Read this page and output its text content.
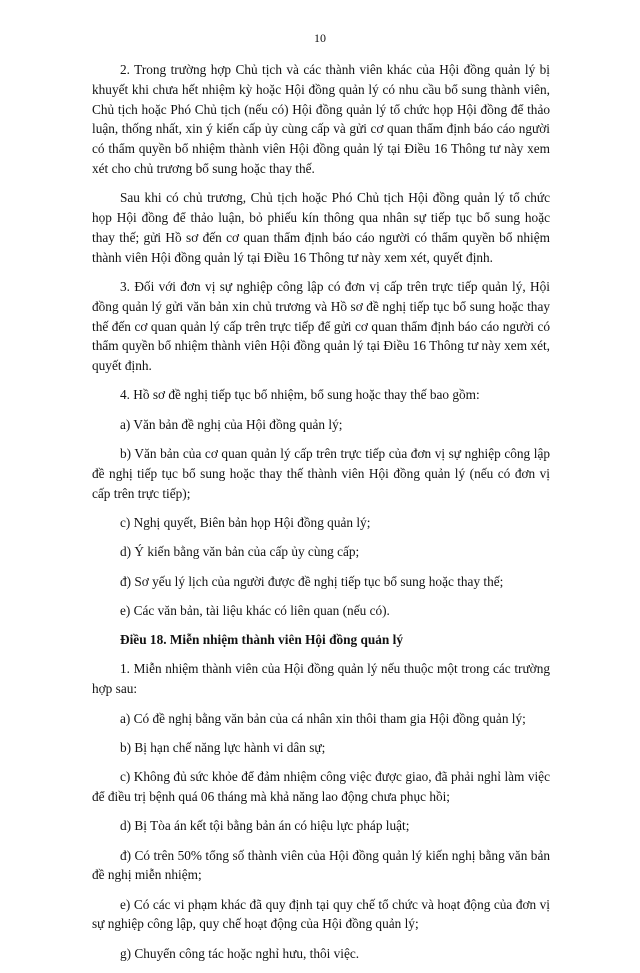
10

2. Trong trường hợp Chủ tịch và các thành viên khác của Hội đồng quản lý bị khuyết khi chưa hết nhiệm kỳ hoặc Hội đồng quản lý có nhu cầu bổ sung thành viên, Chủ tịch hoặc Phó Chủ tịch (nếu có) Hội đồng quản lý tổ chức họp Hội đồng để thảo luận, thống nhất, xin ý kiến cấp ủy cùng cấp và gửi cơ quan thẩm định báo cáo người có thẩm quyền bổ nhiệm thành viên Hội đồng quản lý tại Điều 16 Thông tư này xem xét cho chủ trương bổ sung hoặc thay thế.

Sau khi có chủ trương, Chủ tịch hoặc Phó Chủ tịch Hội đồng quản lý tổ chức họp Hội đồng để thảo luận, bỏ phiếu kín thông qua nhân sự tiếp tục bổ sung hoặc thay thế; gửi Hồ sơ đến cơ quan thẩm định báo cáo người có thẩm quyền bổ nhiệm thành viên Hội đồng quản lý tại Điều 16 Thông tư này xem xét, quyết định.

3. Đối với đơn vị sự nghiệp công lập có đơn vị cấp trên trực tiếp quản lý, Hội đồng quản lý gửi văn bản xin chủ trương và Hồ sơ đề nghị tiếp tục bổ sung hoặc thay thế đến cơ quan quản lý cấp trên trực tiếp để gửi cơ quan thẩm định báo cáo người có thẩm quyền bổ nhiệm thành viên Hội đồng quản lý tại Điều 16 Thông tư này xem xét, quyết định.

4. Hồ sơ đề nghị tiếp tục bổ nhiệm, bổ sung hoặc thay thế bao gồm:

a) Văn bản đề nghị của Hội đồng quản lý;

b) Văn bản của cơ quan quản lý cấp trên trực tiếp của đơn vị sự nghiệp công lập đề nghị tiếp tục bổ sung hoặc thay thế thành viên Hội đồng quản lý (nếu có đơn vị cấp trên trực tiếp);

c) Nghị quyết, Biên bản họp Hội đồng quản lý;

d) Ý kiến bằng văn bản của cấp ủy cùng cấp;

đ) Sơ yếu lý lịch của người được đề nghị tiếp tục bổ sung hoặc thay thế;

e) Các văn bản, tài liệu khác có liên quan (nếu có).

Điều 18. Miễn nhiệm thành viên Hội đồng quản lý

1. Miễn nhiệm thành viên của Hội đồng quản lý nếu thuộc một trong các trường hợp sau:

a) Có đề nghị bằng văn bản của cá nhân xin thôi tham gia Hội đồng quản lý;

b) Bị hạn chế năng lực hành vi dân sự;

c) Không đủ sức khỏe để đảm nhiệm công việc được giao, đã phải nghỉ làm việc để điều trị bệnh quá 06 tháng mà khả năng lao động chưa phục hồi;

d) Bị Tòa án kết tội bằng bản án có hiệu lực pháp luật;

đ) Có trên 50% tổng số thành viên của Hội đồng quản lý kiến nghị bằng văn bản đề nghị miễn nhiệm;

e) Có các vi phạm khác đã quy định tại quy chế tổ chức và hoạt động của đơn vị sự nghiệp công lập, quy chế hoạt động của Hội đồng quản lý;

g) Chuyển công tác hoặc nghỉ hưu, thôi việc.
